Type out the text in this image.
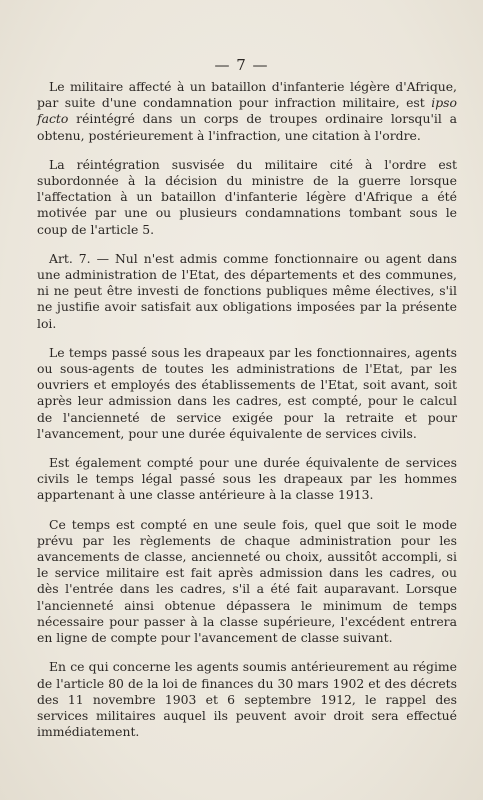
— 7 —

Le militaire affecté à un bataillon d'infanterie légère d'Afrique, par suite d'une condamnation pour infraction militaire, est ipso facto réintégré dans un corps de troupes ordinaire lorsqu'il a obtenu, postérieurement à l'infraction, une citation à l'ordre.

La réintégration susvisée du militaire cité à l'ordre est subordonnée à la décision du ministre de la guerre lorsque l'affectation à un bataillon d'infanterie légère d'Afrique a été motivée par une ou plusieurs condamnations tombant sous le coup de l'article 5.

Art. 7. — Nul n'est admis comme fonctionnaire ou agent dans une administration de l'Etat, des départements et des communes, ni ne peut être investi de fonctions publiques même électives, s'il ne justifie avoir satisfait aux obligations imposées par la présente loi.

Le temps passé sous les drapeaux par les fonctionnaires, agents ou sous-agents de toutes les administrations de l'Etat, par les ouvriers et employés des établissements de l'Etat, soit avant, soit après leur admission dans les cadres, est compté, pour le calcul de l'ancienneté de service exigée pour la retraite et pour l'avancement, pour une durée équivalente de services civils.

Est également compté pour une durée équivalente de services civils le temps légal passé sous les drapeaux par les hommes appartenant à une classe antérieure à la classe 1913.

Ce temps est compté en une seule fois, quel que soit le mode prévu par les règlements de chaque administration pour les avancements de classe, ancienneté ou choix, aussitôt accompli, si le service militaire est fait après admission dans les cadres, ou dès l'entrée dans les cadres, s'il a été fait auparavant. Lorsque l'ancienneté ainsi obtenue dépassera le minimum de temps nécessaire pour passer à la classe supérieure, l'excédent entrera en ligne de compte pour l'avancement de classe suivant.

En ce qui concerne les agents soumis antérieurement au régime de l'article 80 de la loi de finances du 30 mars 1902 et des décrets des 11 novembre 1903 et 6 septembre 1912, le rappel des services militaires auquel ils peuvent avoir droit sera effectué immédiatement.
